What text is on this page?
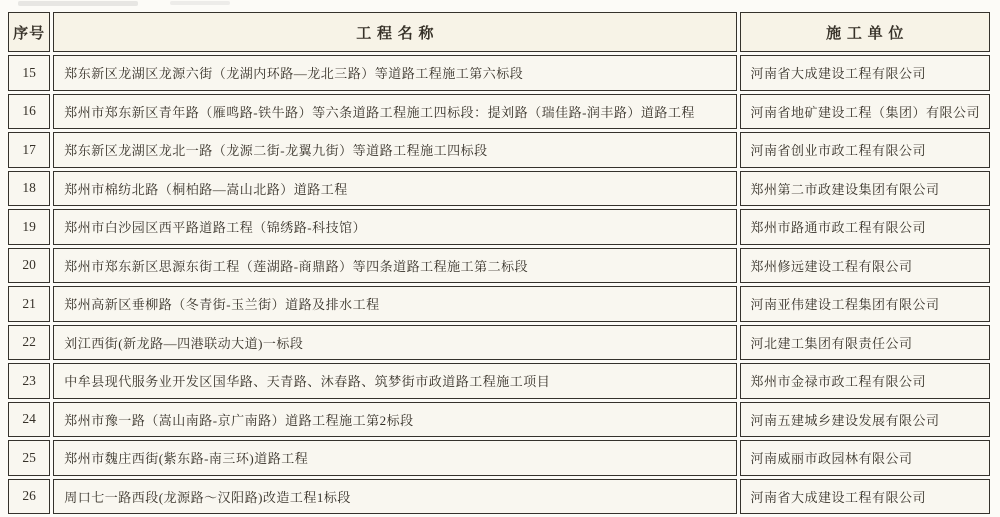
序号	工 程 名 称	施 工 单 位
15	郑东新区龙湖区龙源六街（龙湖内环路—龙北三路）等道路工程施工第六标段	河南省大成建设工程有限公司
16	郑州市郑东新区青年路（雁鸣路-铁牛路）等六条道路工程施工四标段：提刘路（瑞佳路-润丰路）道路工程	河南省地矿建设工程（集团）有限公司
17	郑东新区龙湖区龙北一路（龙源二街-龙翼九街）等道路工程施工四标段	河南省创业市政工程有限公司
18	郑州市棉纺北路（桐柏路—嵩山北路）道路工程	郑州第二市政建设集团有限公司
19	郑州市白沙园区西平路道路工程（锦绣路-科技馆）	郑州市路通市政工程有限公司
20	郑州市郑东新区思源东街工程（莲湖路-商鼎路）等四条道路工程施工第二标段	郑州修远建设工程有限公司
21	郑州高新区垂柳路（冬青街-玉兰街）道路及排水工程	河南亚伟建设工程集团有限公司
22	刘江西街(新龙路—四港联动大道)一标段	河北建工集团有限责任公司
23	中牟县现代服务业开发区国华路、天青路、沐春路、筑梦街市政道路工程施工项目	郑州市金禄市政工程有限公司
24	郑州市豫一路（嵩山南路-京广南路）道路工程施工第2标段	河南五建城乡建设发展有限公司
25	郑州市魏庄西街(紫东路-南三环)道路工程	河南威丽市政园林有限公司
26	周口七一路西段(龙源路～汉阳路)改造工程1标段	河南省大成建设工程有限公司
